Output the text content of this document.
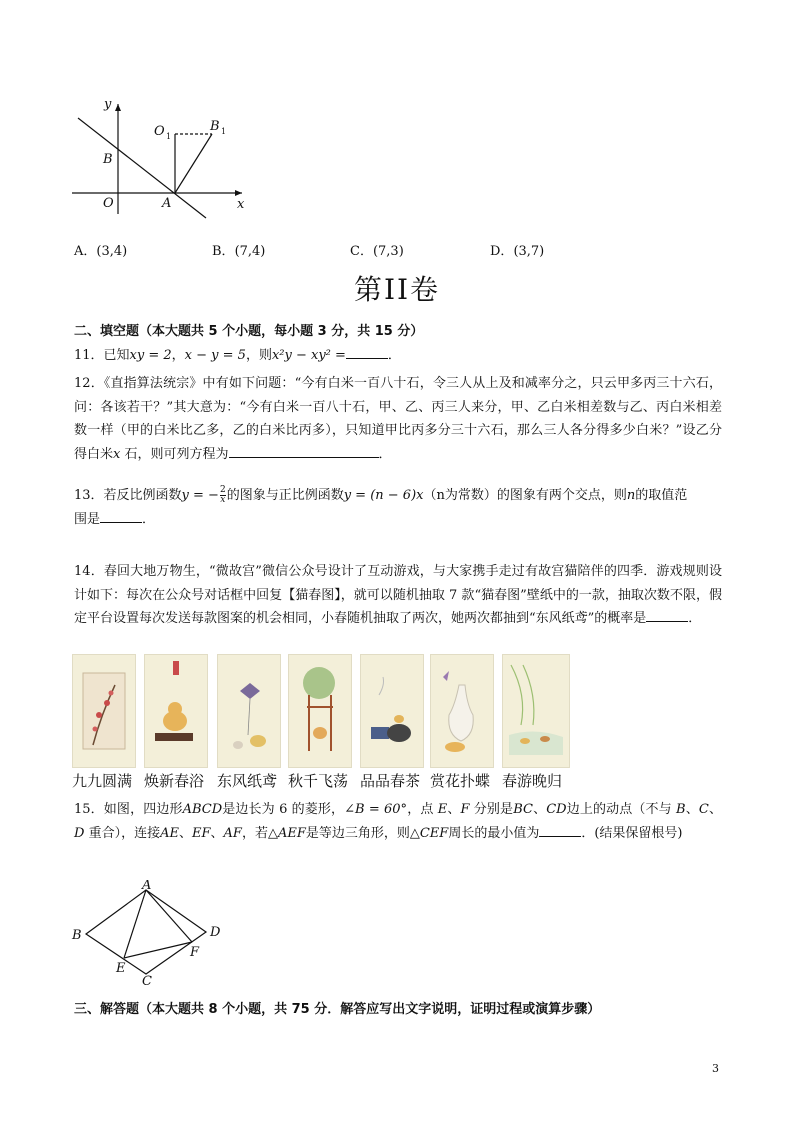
y
x
O	A
B
O 1
B 1
A．(3,4)	B．(7,4)	C．(7,3)	D．(3,7)
第II卷
二、填空题（本大题共 5 个小题，每小题 3 分，共 15 分）
11．已知xy = 2，x − y = 5，则x²y − xy² =	．
12．《直指算法统宗》中有如下问题：“今有白米一百八十石，令三人从上及和减率分之，只云甲多丙三十六石，问：各该若干？”其大意为：“今有白米一百八十石，甲、乙、丙三人来分，甲、乙白米相差数与乙、丙白米相差数一样（甲的白米比乙多，乙的白米比丙多），只知道甲比丙多分三十六石，那么三人各分得多少白米？”设乙分得白米x 石，则可列方程为	．
13．若反比例函数y = − $\frac{2}{x}$ 的图象与正比例函数y = (n − 6)x（n为常数）的图象有两个交点，则n的取值范
围是	．
14．春回大地万物生，“微故宫”微信公众号设计了互动游戏，与大家携手走过有故宫猫陪伴的四季．游戏规则设计如下：每次在公众号对话框中回复【猫春图】，就可以随机抽取 7 款“猫春图”壁纸中的一款，抽取次数不限，假定平台设置每次发送每款图案的机会相同，小春随机抽取了两次，她两次都抽到“东风纸鸢”的概率是	．
九九圆满 焕新春浴 东风纸鸢 秋千飞荡 品品春茶 赏花扑蝶 春游晚归
15．如图，四边形ABCD是边长为 6 的菱形，∠B = 60°，点 E、F 分别是BC、CD边上的动点（不与 B、C、D 重合），连接AE、EF、AF，若△AEF是等边三角形，则△CEF周长的最小值为	．(结果保留根号)
A
B
C
D
E
F
三、解答题（本大题共 8 个小题，共 75 分．解答应写出文字说明，证明过程或演算步骤）
3
